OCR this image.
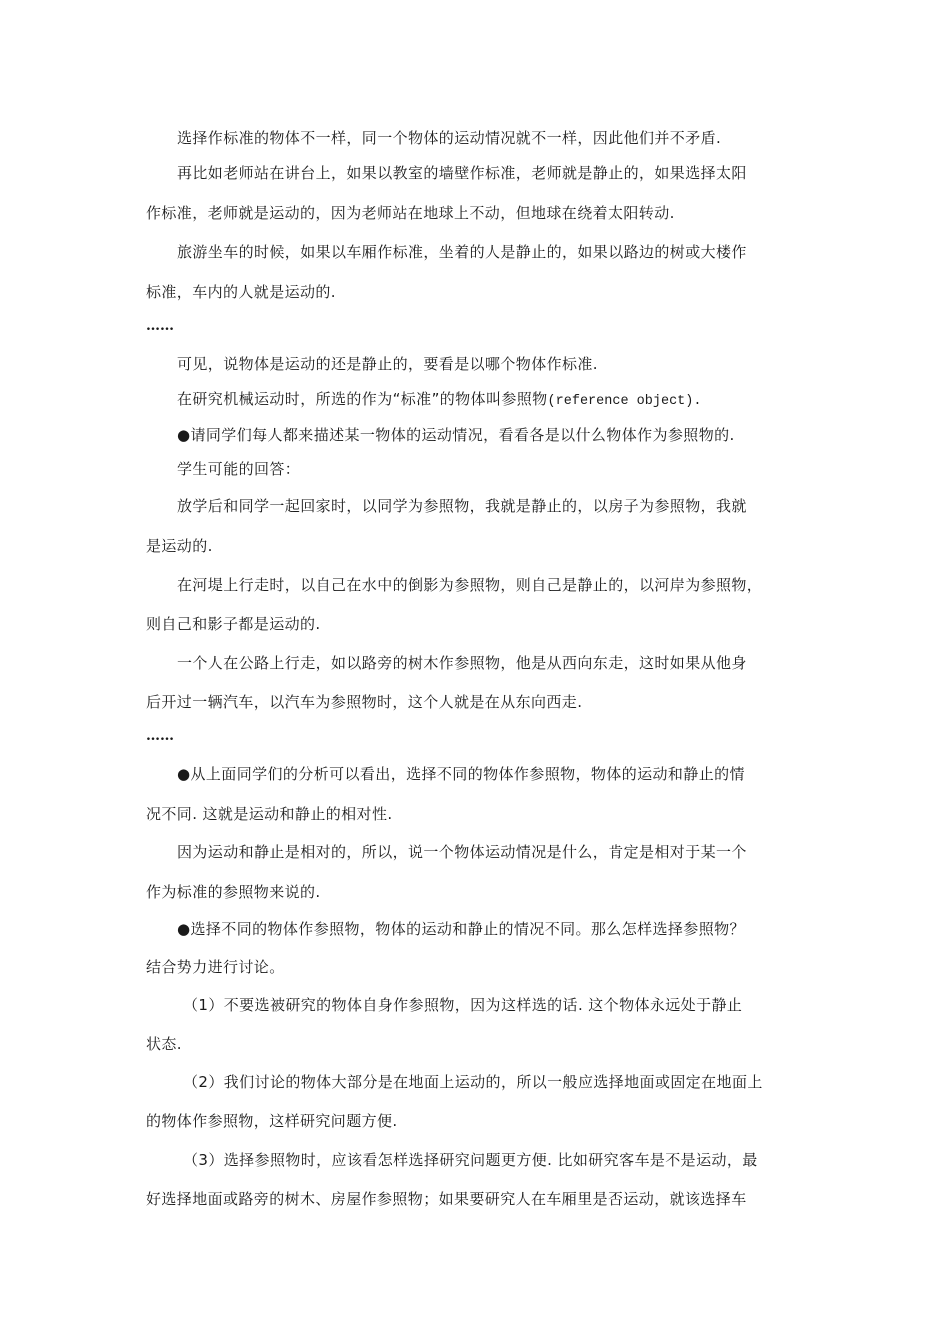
选择作标准的物体不一样，同一个物体的运动情况就不一样，因此他们并不矛盾.
再比如老师站在讲台上，如果以教室的墙壁作标准，老师就是静止的，如果选择太阳
作标准，老师就是运动的，因为老师站在地球上不动，但地球在绕着太阳转动.
旅游坐车的时候，如果以车厢作标准，坐着的人是静止的，如果以路边的树或大楼作
标准，车内的人就是运动的.
……
可见，说物体是运动的还是静止的，要看是以哪个物体作标准.
在研究机械运动时，所选的作为“标准”的物体叫参照物(reference object).
●请同学们每人都来描述某一物体的运动情况，看看各是以什么物体作为参照物的.
学生可能的回答：
放学后和同学一起回家时，以同学为参照物，我就是静止的，以房子为参照物，我就
是运动的.
在河堤上行走时，以自己在水中的倒影为参照物，则自己是静止的，以河岸为参照物，
则自己和影子都是运动的.
一个人在公路上行走，如以路旁的树木作参照物，他是从西向东走，这时如果从他身
后开过一辆汽车，以汽车为参照物时，这个人就是在从东向西走.
……
●从上面同学们的分析可以看出，选择不同的物体作参照物，物体的运动和静止的情
况不同. 这就是运动和静止的相对性.
因为运动和静止是相对的，所以，说一个物体运动情况是什么，肯定是相对于某一个
作为标准的参照物来说的.
●选择不同的物体作参照物，物体的运动和静止的情况不同。那么怎样选择参照物？
结合势力进行讨论。
（1）不要选被研究的物体自身作参照物，因为这样选的话. 这个物体永远处于静止
状态.
（2）我们讨论的物体大部分是在地面上运动的，所以一般应选择地面或固定在地面上
的物体作参照物，这样研究问题方便.
（3）选择参照物时，应该看怎样选择研究问题更方便. 比如研究客车是不是运动，最
好选择地面或路旁的树木、房屋作参照物；如果要研究人在车厢里是否运动，就该选择车
